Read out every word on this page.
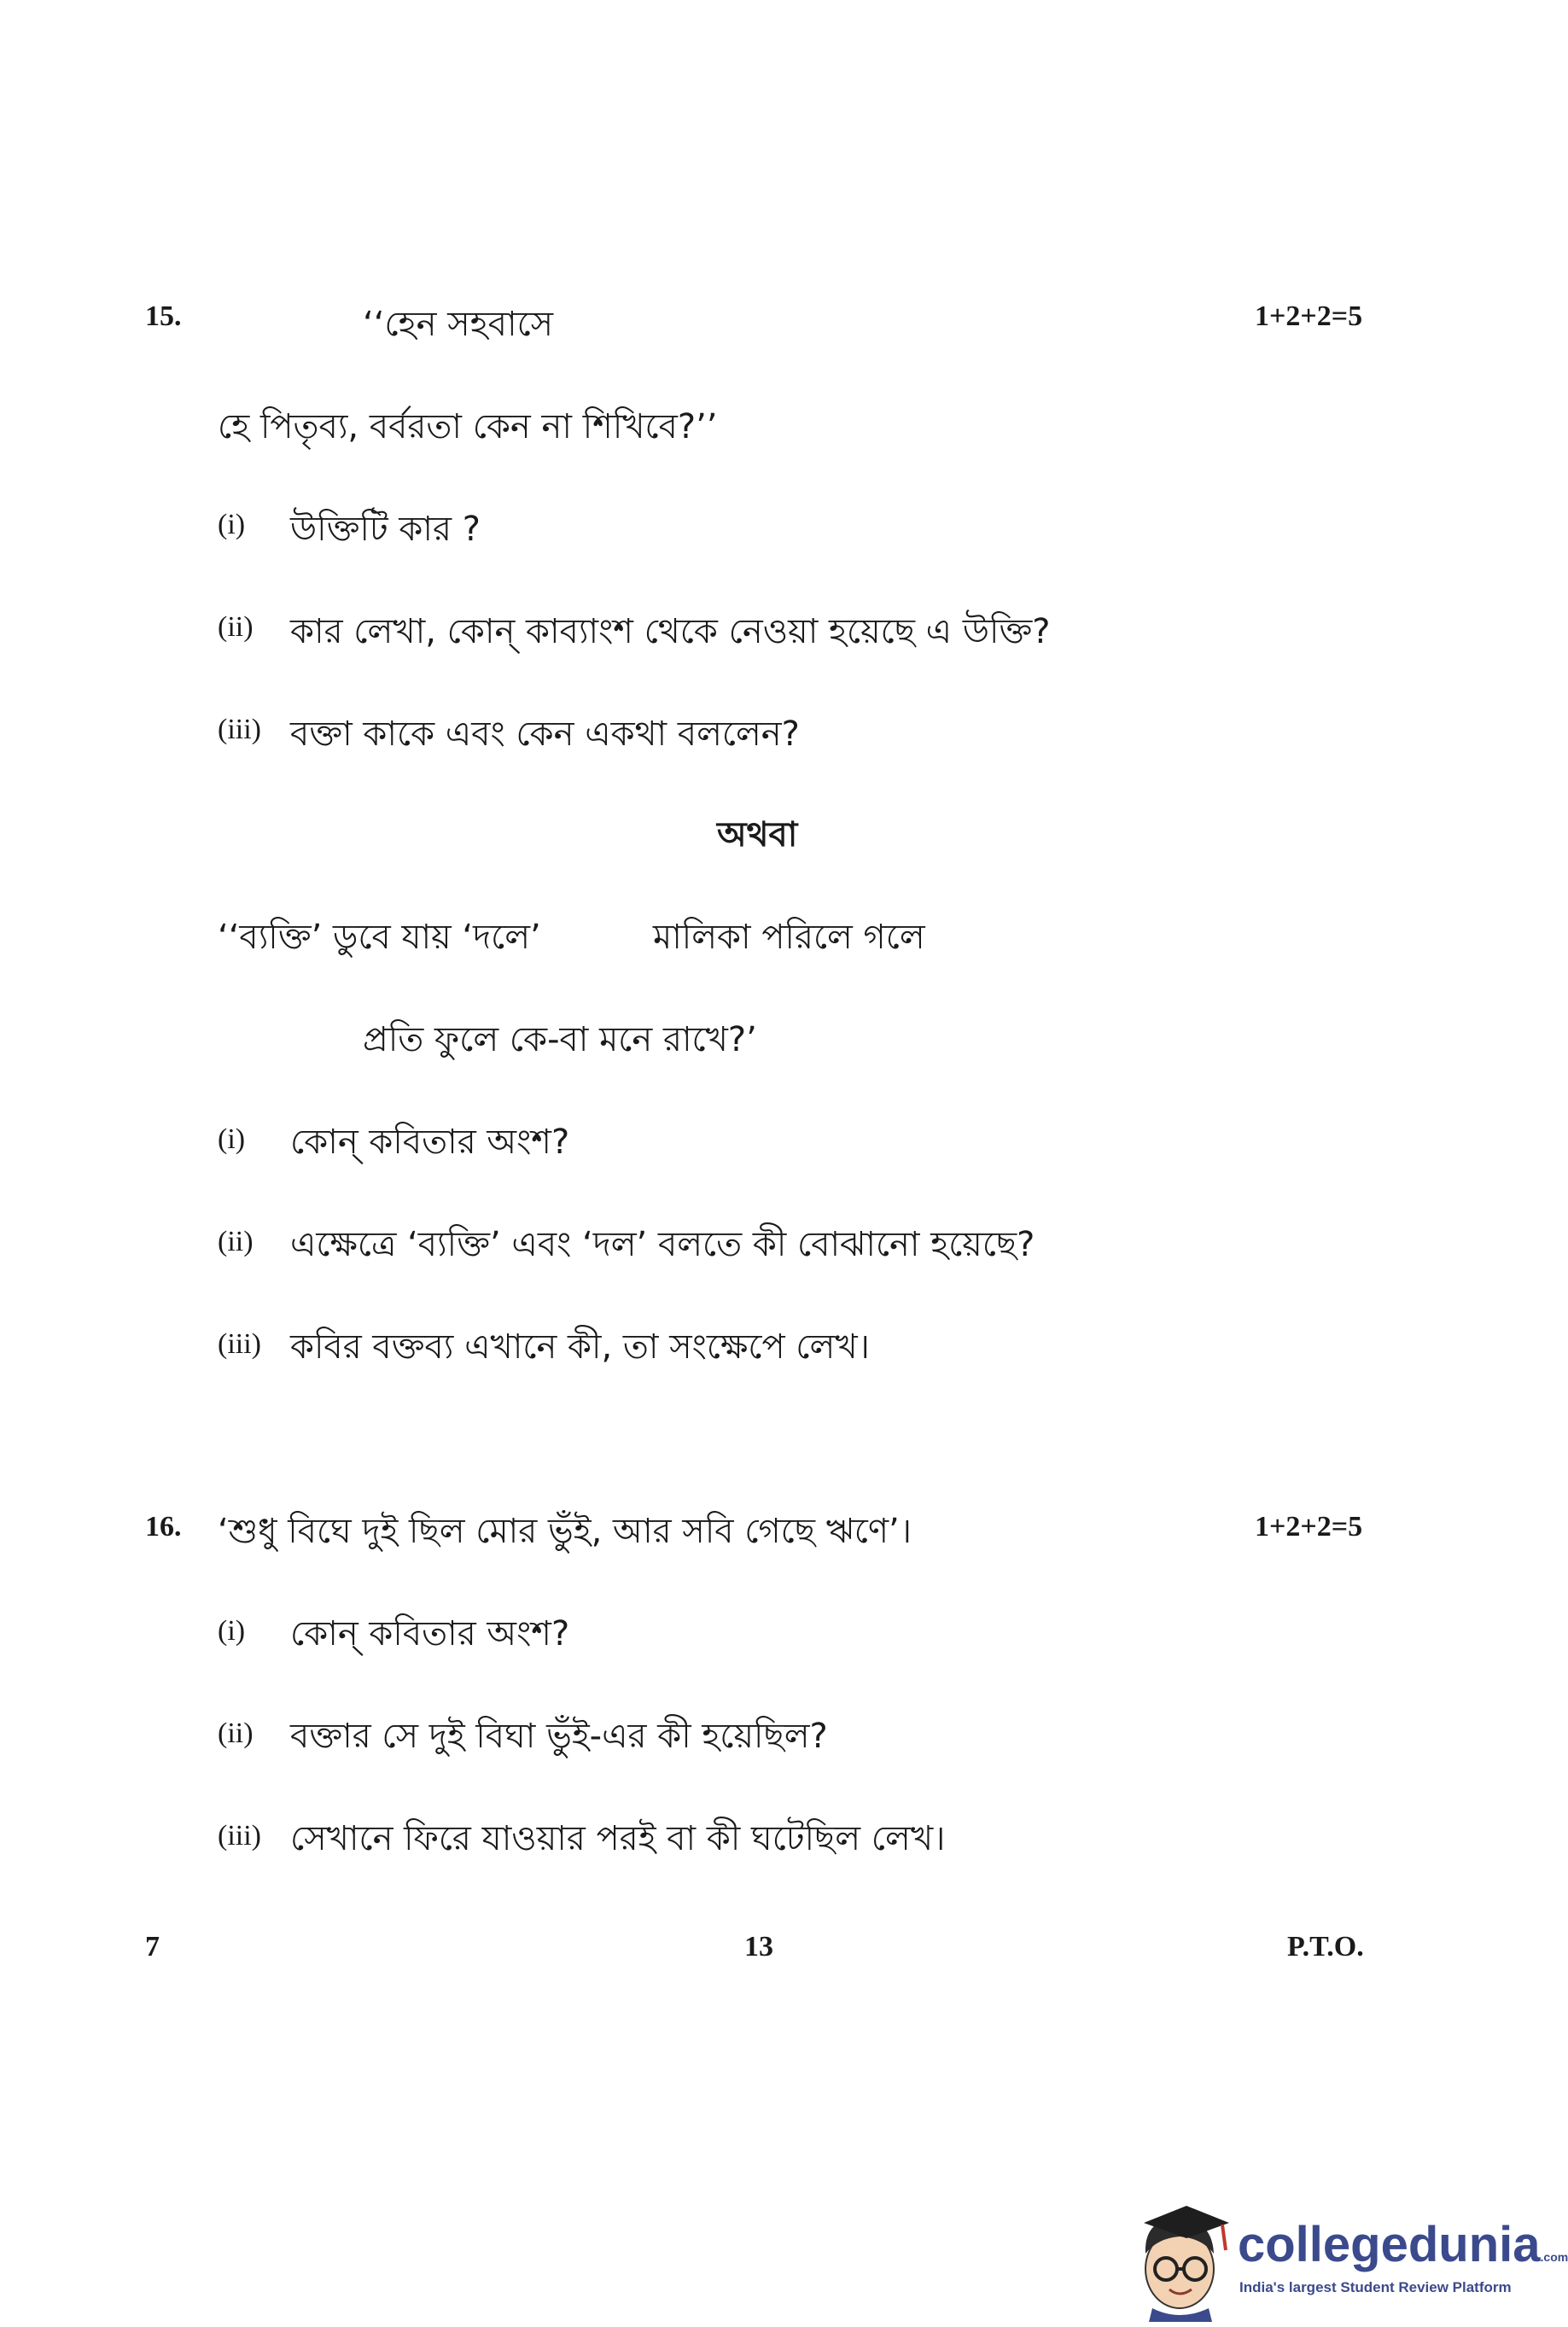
15.	‘‘হেন সহবাসে	1+2+2=5
হে পিতৃব্য, বর্বরতা কেন না শিখিবে?’’
(i) উক্তিটি কার ?
(ii) কার লেখা, কোন্ কাব্যাংশ থেকে নেওয়া হয়েছে এ উক্তি?
(iii) বক্তা কাকে এবং কেন একথা বললেন?
অথবা
‘‘ব্যক্তি’ ডুবে যায় ‘দলে’	মালিকা পরিলে গলে
প্রতি ফুলে কে-বা মনে রাখে?’
(i) কোন্ কবিতার অংশ?
(ii) এক্ষেত্রে ‘ব্যক্তি’ এবং ‘দল’ বলতে কী বোঝানো হয়েছে?
(iii) কবির বক্তব্য এখানে কী, তা সংক্ষেপে লেখ।
16. ‘শুধু বিঘে দুই ছিল মোর ভুঁই, আর সবি গেছে ঋণে’।	1+2+2=5
(i) কোন্ কবিতার অংশ?
(ii) বক্তার সে দুই বিঘা ভুঁই-এর কী হয়েছিল?
(iii) সেখানে ফিরে যাওয়ার পরই বা কী ঘটেছিল লেখ।
7	13	P.T.O.
collegedunia.com
India's largest Student Review Platform
